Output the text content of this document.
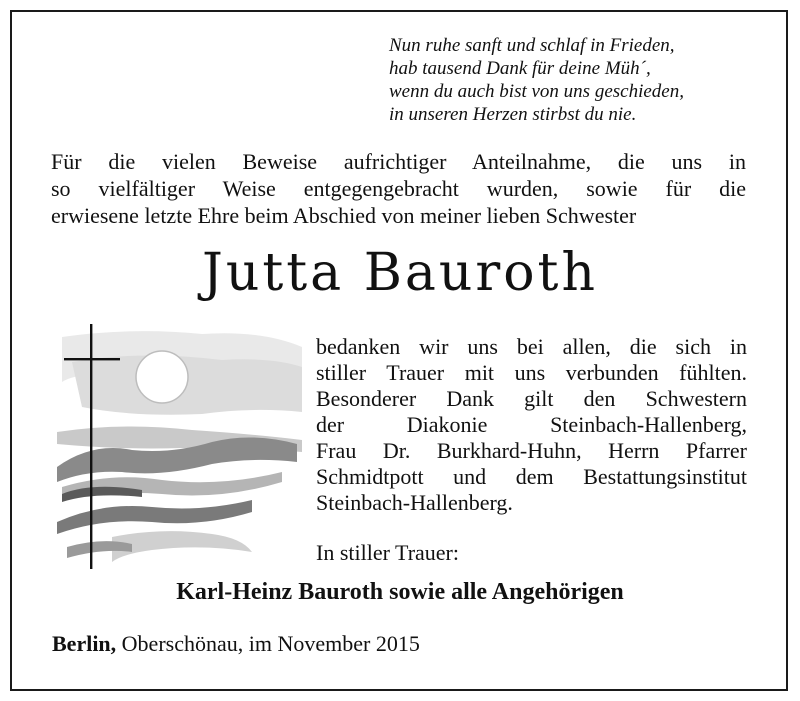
Nun ruhe sanft und schlaf in Frieden,
hab tausend Dank für deine Müh´,
wenn du auch bist von uns geschieden,
in unseren Herzen stirbst du nie.
Für die vielen Beweise aufrichtiger Anteilnahme, die uns in
so vielfältiger Weise entgegengebracht wurden, sowie für die
erwiesene letzte Ehre beim Abschied von meiner lieben Schwester
Jutta Bauroth
bedanken wir uns bei allen, die sich in
stiller Trauer mit uns verbunden fühlten.
Besonderer Dank gilt den Schwestern
der Diakonie Steinbach-Hallenberg,
Frau Dr. Burkhard-Huhn, Herrn Pfarrer
Schmidtpott und dem Bestattungsinstitut
Steinbach-Hallenberg.
In stiller Trauer:
Karl-Heinz Bauroth sowie alle Angehörigen
Berlin, Oberschönau, im November 2015
